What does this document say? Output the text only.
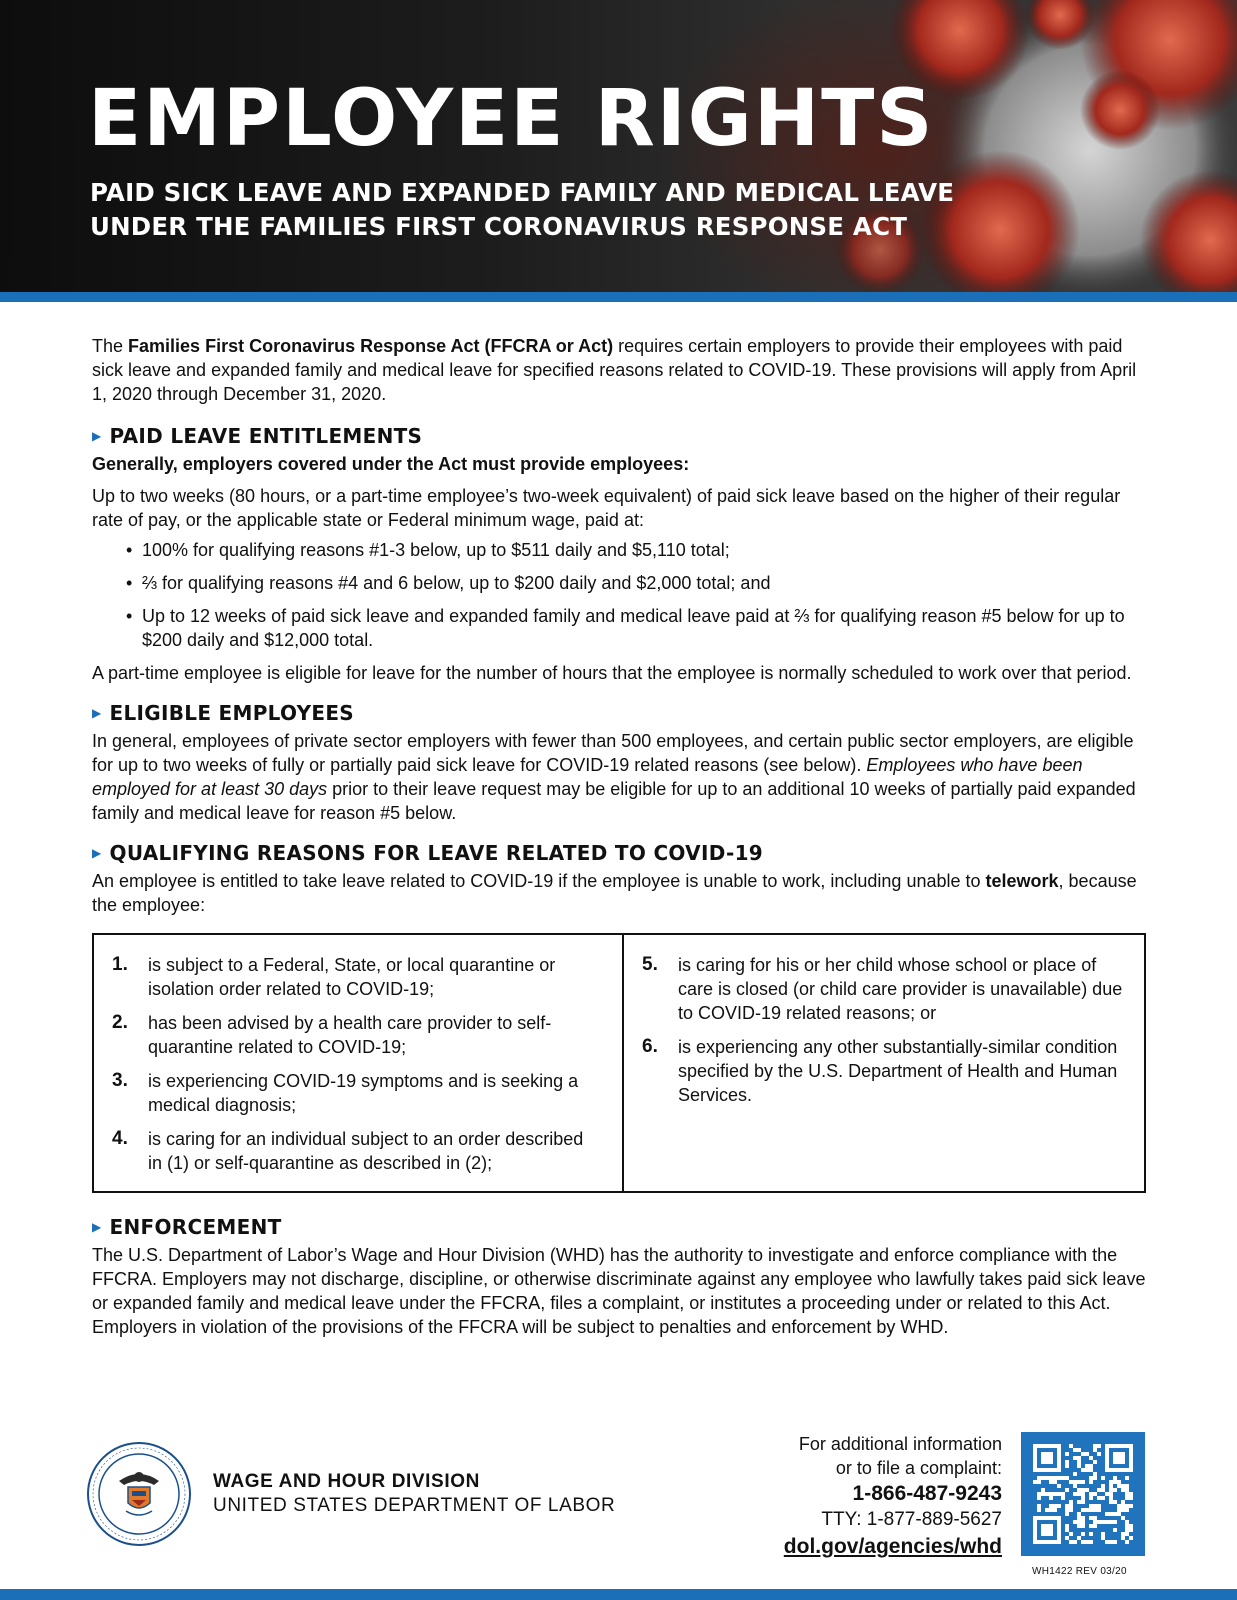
EMPLOYEE RIGHTS
PAID SICK LEAVE AND EXPANDED FAMILY AND MEDICAL LEAVE
UNDER THE FAMILIES FIRST CORONAVIRUS RESPONSE ACT

The Families First Coronavirus Response Act (FFCRA or Act) requires certain employers to provide their employees with paid sick leave and expanded family and medical leave for specified reasons related to COVID-19. These provisions will apply from April 1, 2020 through December 31, 2020.

▶ PAID LEAVE ENTITLEMENTS

Generally, employers covered under the Act must provide employees:

Up to two weeks (80 hours, or a part-time employee’s two-week equivalent) of paid sick leave based on the higher of their regular rate of pay, or the applicable state or Federal minimum wage, paid at:

• 100% for qualifying reasons #1-3 below, up to $511 daily and $5,110 total;
• ⅔ for qualifying reasons #4 and 6 below, up to $200 daily and $2,000 total; and
• Up to 12 weeks of paid sick leave and expanded family and medical leave paid at ⅔ for qualifying reason #5 below for up to $200 daily and $12,000 total.

A part-time employee is eligible for leave for the number of hours that the employee is normally scheduled to work over that period.

▶ ELIGIBLE EMPLOYEES

In general, employees of private sector employers with fewer than 500 employees, and certain public sector employers, are eligible for up to two weeks of fully or partially paid sick leave for COVID-19 related reasons (see below). Employees who have been employed for at least 30 days prior to their leave request may be eligible for up to an additional 10 weeks of partially paid expanded family and medical leave for reason #5 below.

▶ QUALIFYING REASONS FOR LEAVE RELATED TO COVID-19

An employee is entitled to take leave related to COVID-19 if the employee is unable to work, including unable to telework, because the employee:

1.	is subject to a Federal, State, or local quarantine or isolation order related to COVID-19;
2.	has been advised by a health care provider to self-quarantine related to COVID-19;
3.	is experiencing COVID-19 symptoms and is seeking a medical diagnosis;
4.	is caring for an individual subject to an order described in (1) or self-quarantine as described in (2);
5.	is caring for his or her child whose school or place of care is closed (or child care provider is unavailable) due to COVID-19 related reasons; or
6.	is experiencing any other substantially-similar condition specified by the U.S. Department of Health and Human Services.
▶ ENFORCEMENT

The U.S. Department of Labor’s Wage and Hour Division (WHD) has the authority to investigate and enforce compliance with the FFCRA. Employers may not discharge, discipline, or otherwise discriminate against any employee who lawfully takes paid sick leave or expanded family and medical leave under the FFCRA, files a complaint, or institutes a proceeding under or related to this Act. Employers in violation of the provisions of the FFCRA will be subject to penalties and enforcement by WHD.

WAGE AND HOUR DIVISION
UNITED STATES DEPARTMENT OF LABOR
For additional information
or to file a complaint:
1-866-487-9243
TTY: 1-877-889-5627
dol.gov/agencies/whd
WH1422 REV 03/20
